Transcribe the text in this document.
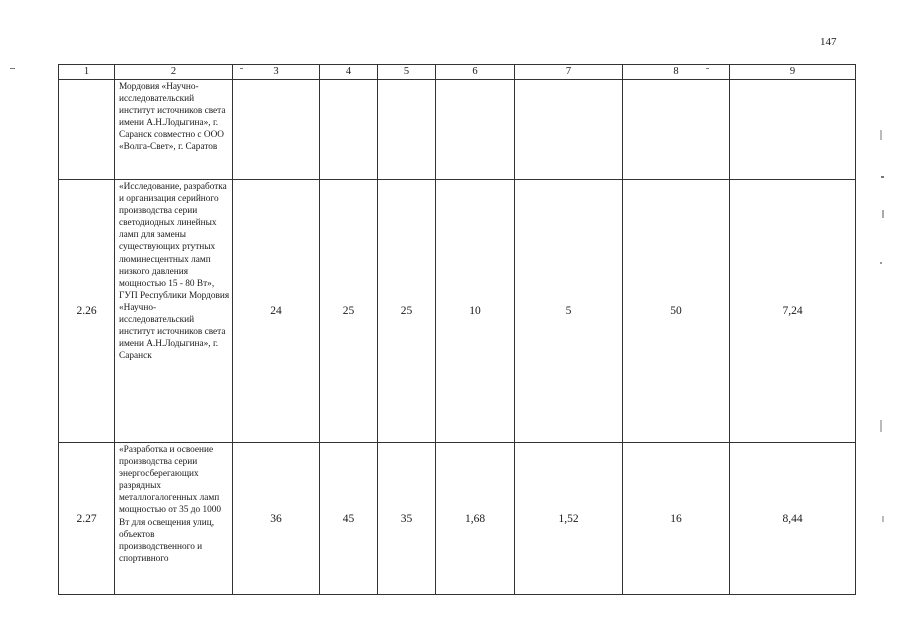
147
1	2	3	4	5	6	7	8	9
	Мордовия «Научно-исследовательский институт источников света имени А.Н.Лодыгина», г. Саранск совместно с ООО «Волга-Свет», г. Саратов							
2.26	«Исследование, разработка и организация серийного производства серии светодиодных линейных ламп для замены существующих ртутных люминесцентных ламп низкого давления мощностью 15 - 80 Вт», ГУП Республики Мордовия «Научно-исследовательский институт источников света имени А.Н.Лодыгина», г. Саранск	24	25	25	10	5	50	7,24
2.27	«Разработка и освоение производства серии энергосберегающих разрядных металлогалогенных ламп мощностью от 35 до 1000 Вт для освещения улиц, объектов производственного и спортивного	36	45	35	1,68	1,52	16	8,44
